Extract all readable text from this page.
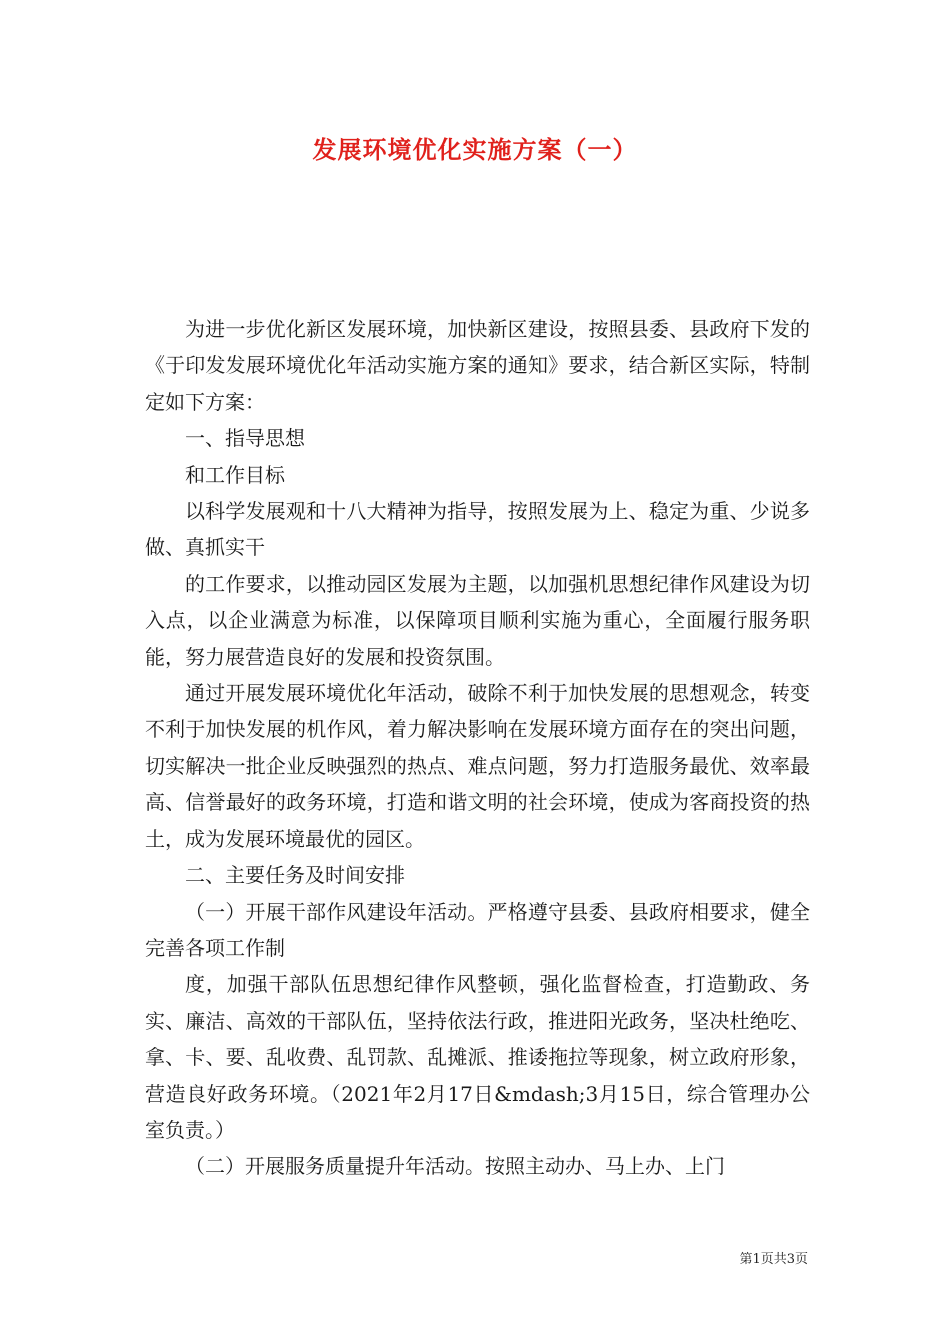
发展环境优化实施方案（一）

为进一步优化新区发展环境，加快新区建设，按照县委、县政府下发的《于印发发展环境优化年活动实施方案的通知》要求，结合新区实际，特制定如下方案：

一、指导思想

和工作目标

以科学发展观和十八大精神为指导，按照发展为上、稳定为重、少说多做、真抓实干

的工作要求，以推动园区发展为主题，以加强机思想纪律作风建设为切入点，以企业满意为标准，以保障项目顺利实施为重心，全面履行服务职能，努力展营造良好的发展和投资氛围。

通过开展发展环境优化年活动，破除不利于加快发展的思想观念，转变不利于加快发展的机作风，着力解决影响在发展环境方面存在的突出问题，切实解决一批企业反映强烈的热点、难点问题，努力打造服务最优、效率最高、信誉最好的政务环境，打造和谐文明的社会环境，使成为客商投资的热土，成为发展环境最优的园区。

二、主要任务及时间安排

（一）开展干部作风建设年活动。严格遵守县委、县政府相要求，健全完善各项工作制

度，加强干部队伍思想纪律作风整顿，强化监督检查，打造勤政、务实、廉洁、高效的干部队伍，坚持依法行政，推进阳光政务，坚决杜绝吃、拿、卡、要、乱收费、乱罚款、乱摊派、推诿拖拉等现象，树立政府形象，营造良好政务环境。（2021年2月17日&mdash;3月15日，综合管理办公室负责。）

（二）开展服务质量提升年活动。按照主动办、马上办、上门

第1页共3页
